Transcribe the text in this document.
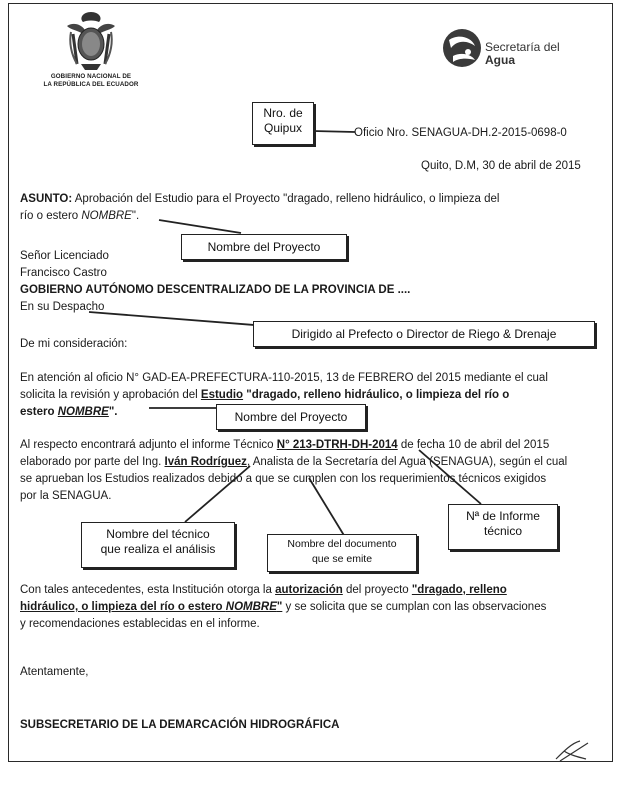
GOBIERNO NACIONAL DE
LA REPÚBLICA DEL ECUADOR
Secretaría del
Agua
Oficio Nro. SENAGUA-DH.2-2015-0698-0
Quito, D.M, 30 de abril de 2015
ASUNTO: Aprobación del Estudio para el Proyecto "dragado, relleno hidráulico, o limpieza del
río o estero NOMBRE".
Señor Licenciado
Francisco Castro
GOBIERNO AUTÓNOMO DESCENTRALIZADO DE LA PROVINCIA DE ....
En su Despacho
De mi consideración:
En atención al oficio N° GAD-EA-PREFECTURA-110-2015, 13 de FEBRERO del 2015 mediante el cual
solicita la revisión y aprobación del Estudio "dragado, relleno hidráulico, o limpieza del río o
estero NOMBRE".
Al respecto encontrará adjunto el informe Técnico N° 213-DTRH-DH-2014 de fecha 10 de abril del 2015
elaborado por parte del Ing. Iván Rodríguez, Analista de la Secretaría del Agua (SENAGUA), según el cual
se aprueban los Estudios realizados debido a que se cumplen con los requerimientos técnicos exigidos
por la SENAGUA.
Con tales antecedentes, esta Institución otorga la autorización del proyecto "dragado, relleno
hidráulico, o limpieza del río o estero NOMBRE" y se solicita que se cumplan con las observaciones
y recomendaciones establecidas en el informe.
Atentamente,
SUBSECRETARIO DE LA DEMARCACIÓN HIDROGRÁFICA
Nro. de
Quipux
Nombre del Proyecto
Dirigido al Prefecto o Director de Riego & Drenaje
Nombre del Proyecto
Nª de Informe
técnico
Nombre del técnico
que realiza el análisis	Nombre del documento
que se emite
